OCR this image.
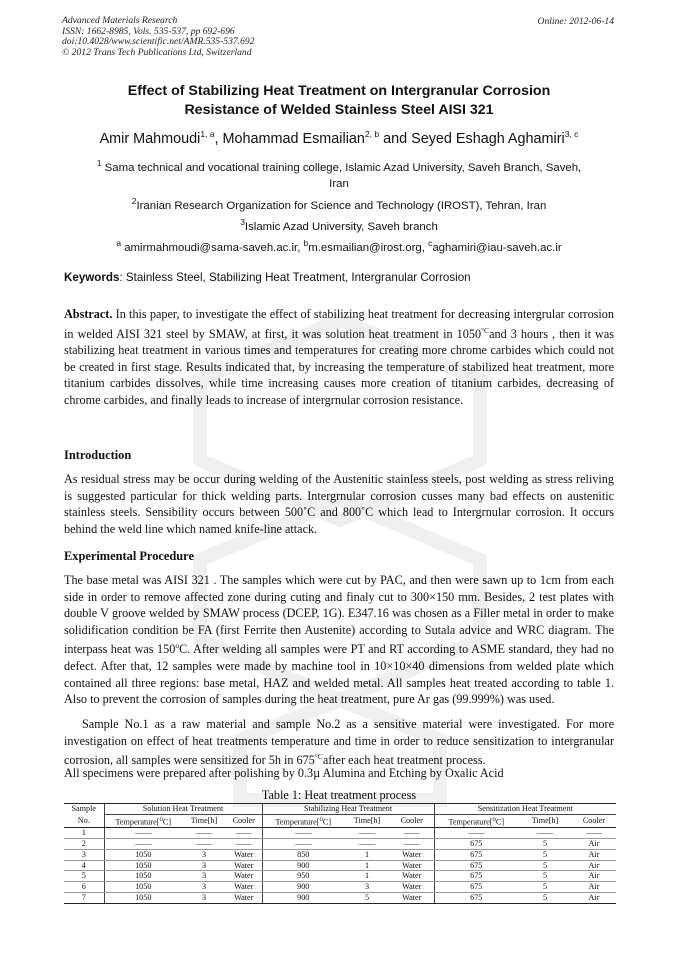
Advanced Materials Research
ISSN: 1662-8985, Vols. 535-537, pp 692-696
doi:10.4028/www.scientific.net/AMR.535-537.692
© 2012 Trans Tech Publications Ltd, Switzerland
Online: 2012-06-14
Effect of Stabilizing Heat Treatment on Intergranular Corrosion
Resistance of Welded Stainless Steel AISI 321
Amir Mahmoudi$^{1, a}$, Mohammad Esmailian$^{2, b}$ and Seyed Eshagh Aghamiri$^{3, c}$
$^1$ Sama technical and vocational training college, Islamic Azad University, Saveh Branch, Saveh,
Iran
$^2$Iranian Research Organization for Science and Technology (IROST), Tehran, Iran
$^3$Islamic Azad University, Saveh branch
$^a$ amirmahmoudi@sama-saveh.ac.ir, $^b$m.esmailian@irost.org, $^c$aghamiri@iau-saveh.ac.ir
Keywords: Stainless Steel, Stabilizing Heat Treatment, Intergranular Corrosion
Abstract. In this paper, to investigate the effect of stabilizing heat treatment for decreasing intergrular corrosion in welded AISI 321 steel by SMAW, at first, it was solution heat treatment in $1050^{^\circ C}and$ 3 hours , then it was stabilizing heat treatment in various times and temperatures for creating more chrome carbides which could not be created in first stage. Results indicated that, by increasing the temperature of stabilized heat treatment, more titanium carbides dissolves, while time increasing causes more creation of titanium carbides, decreasing of chrome carbides, and finally leads to increase of intergrnular corrosion resistance.
Introduction
As residual stress may be occur during welding of the Austenitic stainless steels, post welding as stress reliving is suggested particular for thick welding parts. Intergrnular corrosion cusses many bad effects on austenitic stainless steels. Sensibility occurs between 500˚C and 800˚C which lead to Intergrnular corrosion. It occurs behind the weld line which named knife-line attack.
Experimental Procedure
The base metal was AISI 321 . The samples which were cut by PAC, and then were sawn up to 1cm from each side in order to remove affected zone during cuting and finaly cut to 300×150 mm. Besides, 2 test plates with double V groove welded by SMAW process (DCEP, 1G). E347.16 was chosen as a Filler metal in order to make solidification condition be FA (first Ferrite then Austenite) according to Sutala advice and WRC diagram. The interpass heat was 150$^o$C. After welding all samples were PT and RT according to ASME standard, they had no defect. After that, 12 samples were made by machine tool in 10×10×40 dimensions from welded plate which contained all three regions: base metal, HAZ and welded metal. All samples heat treated according to table 1. Also to prevent the corrosion of samples during the heat treatment, pure Ar gas (99.999%) was used.
Sample No.1 as a raw material and sample No.2 as a sensitive material were investigated. For more investigation on effect of heat treatments temperature and time in order to reduce sensitization to intergranular corrosion, all samples were sensitized for 5h in $675^{^\circ C}after$ each heat treatment process.
All specimens were prepared after polishing by 0.3µ Alumina and Etching by Oxalic Acid
Table 1: Heat treatment process
Sample	Solution Heat Treatment			Stabilizing Heat Treatment			Sensitization Heat Treatment		
No.	Temperature[$^o$C]	Time[h]	Cooler	Temperature[$^o$C]	Time[h]	Cooler	Temperature[$^o$C]	Time[h]	Cooler
1	——	——	——	——	——	——	——	——	——
2	——	——	——	——	——	——	675	5	Air
3	1050	3	Water	850	1	Water	675	5	Air
4	1050	3	Water	900	1	Water	675	5	Air
5	1050	3	Water	950	1	Water	675	5	Air
6	1050	3	Water	900	3	Water	675	5	Air
7	1050	3	Water	900	5	Water	675	5	Air
